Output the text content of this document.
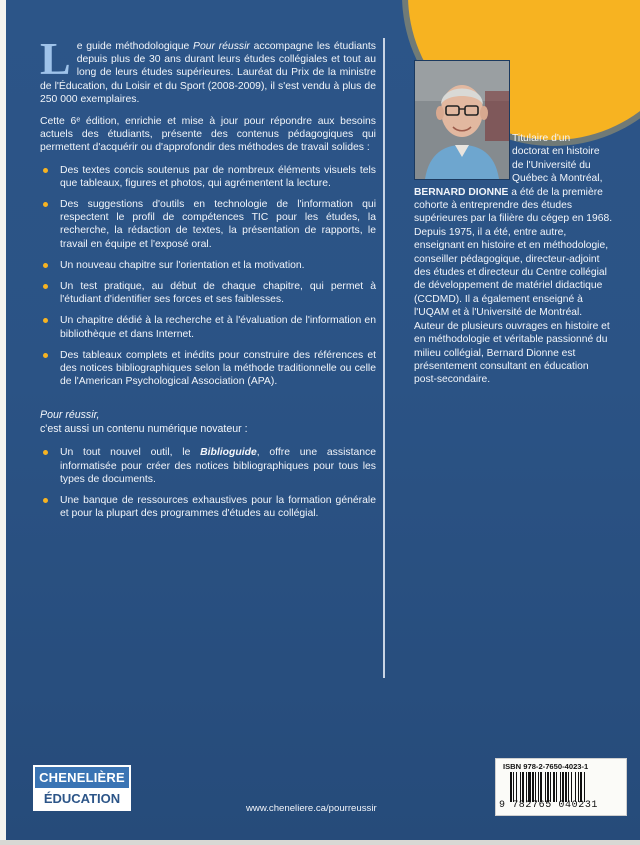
Le guide méthodologique Pour réussir accompagne les étudiants depuis plus de 30 ans durant leurs études collégiales et tout au long de leurs études supérieures. Lauréat du Prix de la ministre de l'Éducation, du Loisir et du Sport (2008-2009), il s'est vendu à plus de 250 000 exemplaires.

Cette 6ᵉ édition, enrichie et mise à jour pour répondre aux besoins actuels des étudiants, présente des contenus pédagogiques qui permettent d'acquérir ou d'approfondir des méthodes de travail solides :

Des textes concis soutenus par de nombreux éléments visuels tels que tableaux, figures et photos, qui agrémentent la lecture.
Des suggestions d'outils en technologie de l'information qui respectent le profil de compétences TIC pour les études, la recherche, la rédaction de textes, la présentation de rapports, le travail en équipe et l'exposé oral.
Un nouveau chapitre sur l'orientation et la motivation.
Un test pratique, au début de chaque chapitre, qui permet à l'étudiant d'identifier ses forces et ses faiblesses.
Un chapitre dédié à la recherche et à l'évaluation de l'information en bibliothèque et dans Internet.
Des tableaux complets et inédits pour construire des références et des notices bibliographiques selon la méthode traditionnelle ou celle de l'American Psychological Association (APA).
Pour réussir,
c'est aussi un contenu numérique novateur :
Un tout nouvel outil, le Biblioguide, offre une assistance informatisée pour créer des notices bibliographiques pour tous les types de documents.
Une banque de ressources exhaustives pour la formation générale et pour la plupart des programmes d'études au collégial.
Titulaire d'un
doctorat en histoire
de l'Université du
Québec à Montréal,
BERNARD DIONNE a été de la première cohorte à entreprendre des études supérieures par la filière du cégep en 1968. Depuis 1975, il a été, entre autre, enseignant en histoire et en méthodologie, conseiller pédagogique, directeur-adjoint des études et directeur du Centre collégial de développement de matériel didactique (CCDMD). Il a également enseigné à l'UQAM et à l'Université de Montréal. Auteur de plusieurs ouvrages en histoire et en méthodologie et véritable passionné du milieu collégial, Bernard Dionne est présentement consultant en éducation post-secondaire.
CHENELIÈRE
ÉDUCATION
www.cheneliere.ca/pourreussir
ISBN 978-2-7650-4023-1
9 782765 040231
